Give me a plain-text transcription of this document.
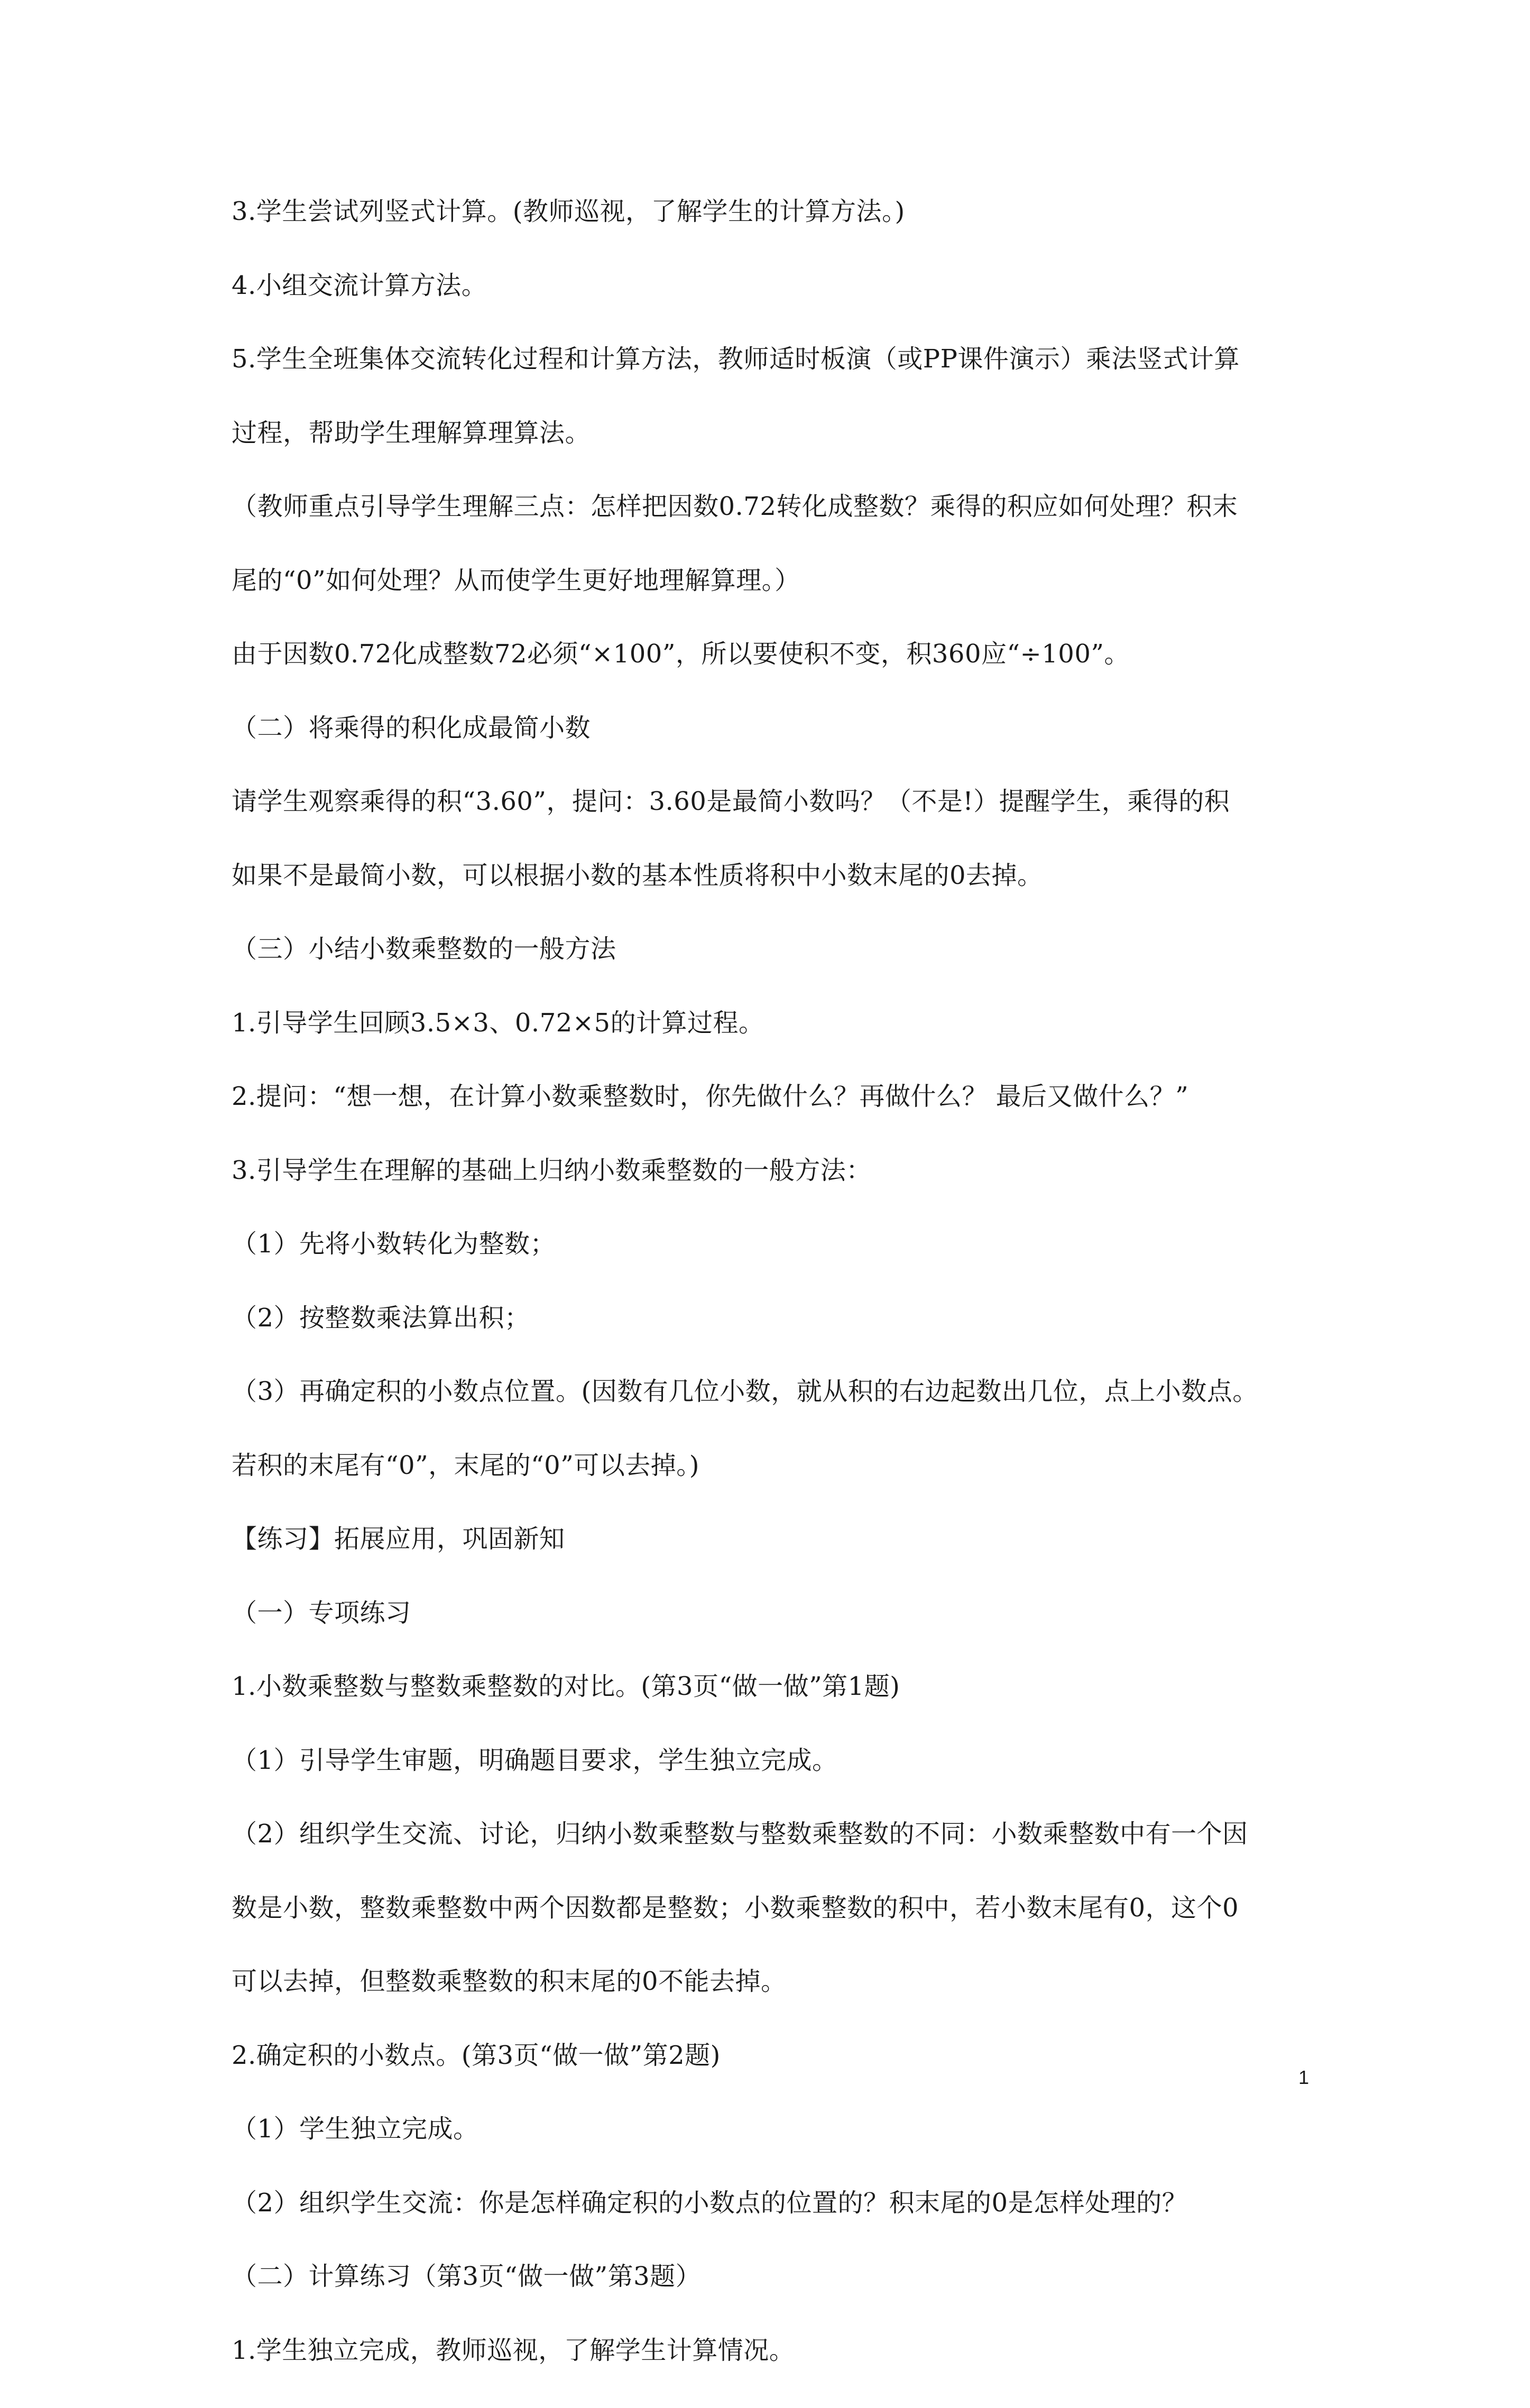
3.学生尝试列竖式计算。(教师巡视，了解学生的计算方法。)
4.小组交流计算方法。
5.学生全班集体交流转化过程和计算方法，教师适时板演（或PP课件演示）乘法竖式计算
过程，帮助学生理解算理算法。
（教师重点引导学生理解三点：怎样把因数0.72转化成整数？乘得的积应如何处理？积末
尾的“0”如何处理？从而使学生更好地理解算理。）
由于因数0.72化成整数72必须“×100”，所以要使积不变，积360应“÷100”。
（二）将乘得的积化成最简小数
请学生观察乘得的积“3.60”，提问：3.60是最简小数吗？（不是!）提醒学生，乘得的积
如果不是最简小数，可以根据小数的基本性质将积中小数末尾的0去掉。
（三）小结小数乘整数的一般方法
1.引导学生回顾3.5×3、0.72×5的计算过程。
2.提问：“想一想，在计算小数乘整数时，你先做什么？再做什么？ 最后又做什么？”
3.引导学生在理解的基础上归纳小数乘整数的一般方法：
（1）先将小数转化为整数；
（2）按整数乘法算出积；
（3）再确定积的小数点位置。(因数有几位小数，就从积的右边起数出几位，点上小数点。
若积的末尾有“0”，末尾的“0”可以去掉。)
【练习】拓展应用，巩固新知
（一）专项练习
1.小数乘整数与整数乘整数的对比。(第3页“做一做”第1题)
（1）引导学生审题，明确题目要求，学生独立完成。
（2）组织学生交流、讨论，归纳小数乘整数与整数乘整数的不同：小数乘整数中有一个因
数是小数，整数乘整数中两个因数都是整数；小数乘整数的积中，若小数末尾有0，这个0
可以去掉，但整数乘整数的积末尾的0不能去掉。
2.确定积的小数点。(第3页“做一做”第2题)
（1）学生独立完成。
（2）组织学生交流：你是怎样确定积的小数点的位置的？积末尾的0是怎样处理的？
（二）计算练习（第3页“做一做”第3题）
1.学生独立完成，教师巡视，了解学生计算情况。
1
